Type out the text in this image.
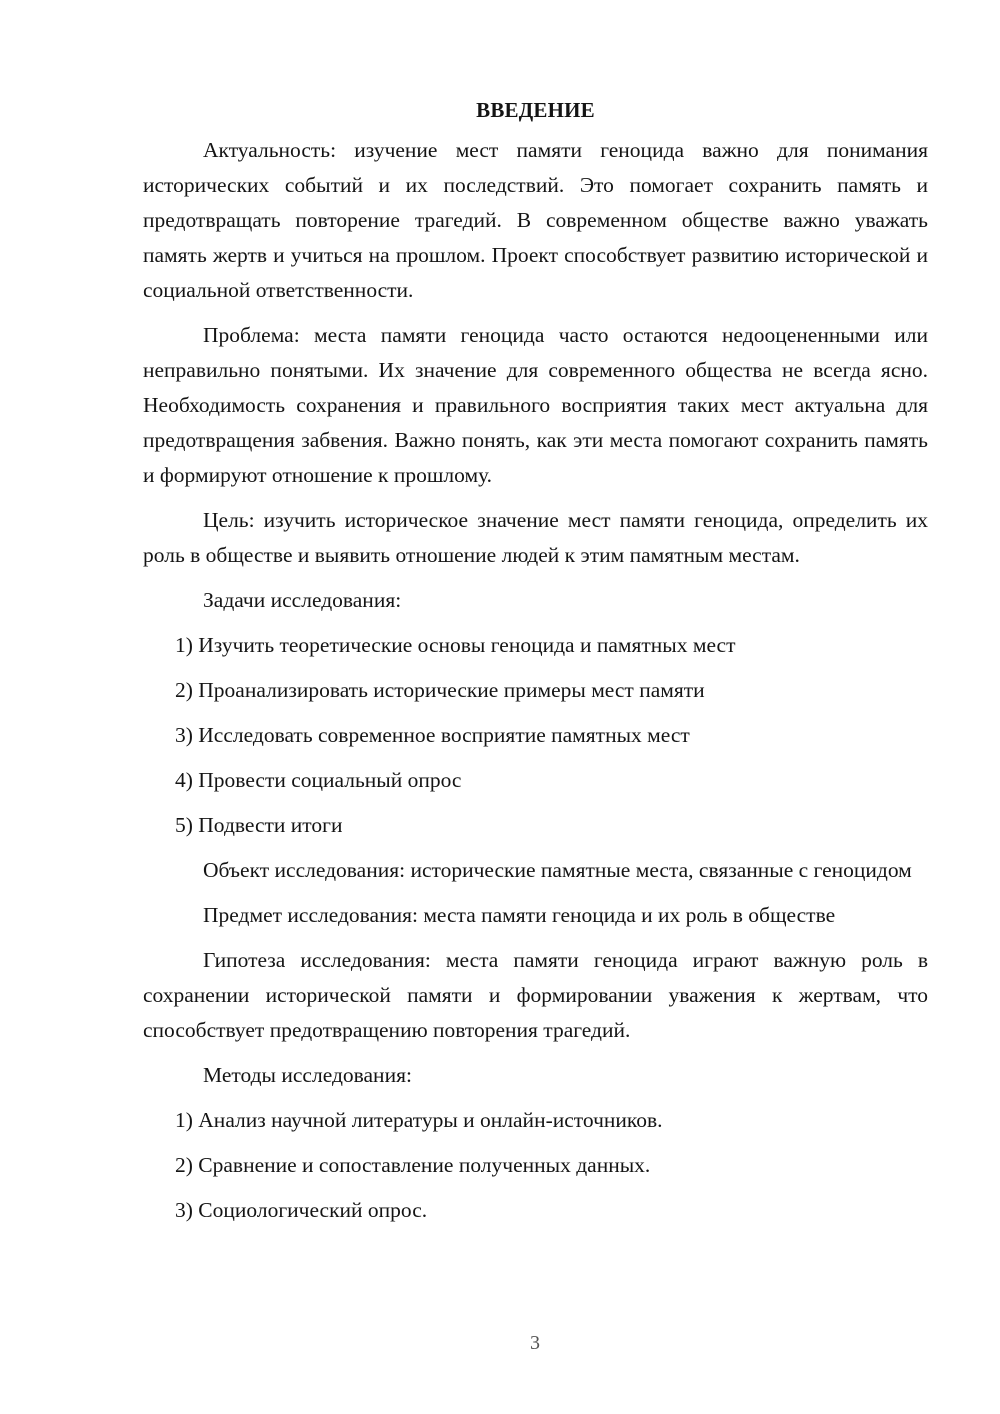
ВВЕДЕНИЕ

Актуальность: изучение мест памяти геноцида важно для понимания исторических событий и их последствий. Это помогает сохранить память и предотвращать повторение трагедий. В современном обществе важно уважать память жертв и учиться на прошлом. Проект способствует развитию исторической и социальной ответственности.

Проблема: места памяти геноцида часто остаются недооцененными или неправильно понятыми. Их значение для современного общества не всегда ясно. Необходимость сохранения и правильного восприятия таких мест актуальна для предотвращения забвения. Важно понять, как эти места помогают сохранить память и формируют отношение к прошлому.

Цель: изучить историческое значение мест памяти геноцида, определить их роль в обществе и выявить отношение людей к этим памятным местам.

Задачи исследования:
1) Изучить теоретические основы геноцида и памятных мест
2) Проанализировать исторические примеры мест памяти
3) Исследовать современное восприятие памятных мест
4) Провести социальный опрос
5) Подвести итоги

Объект исследования: исторические памятные места, связанные с геноцидом

Предмет исследования: места памяти геноцида и их роль в обществе

Гипотеза исследования: места памяти геноцида играют важную роль в сохранении исторической памяти и формировании уважения к жертвам, что способствует предотвращению повторения трагедий.

Методы исследования:
1) Анализ научной литературы и онлайн-источников.
2) Сравнение и сопоставление полученных данных.
3) Социологический опрос.
3
